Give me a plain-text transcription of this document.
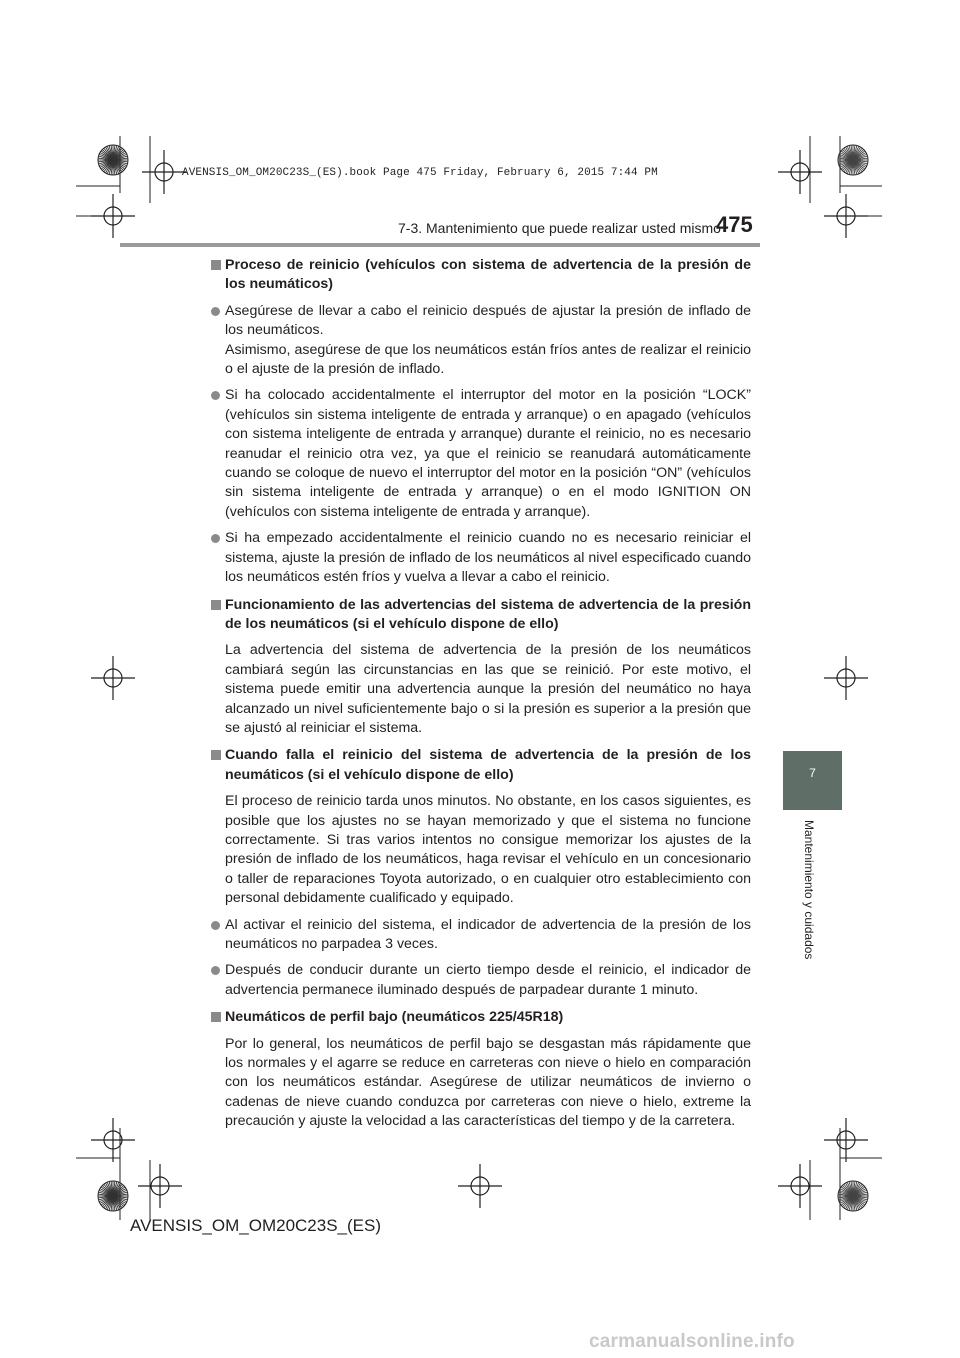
AVENSIS_OM_OM20C23S_(ES).book Page 475 Friday, February 6, 2015 7:44 PM
7-3. Mantenimiento que puede realizar usted mismo
475
7
Mantenimiento y cuidados
Proceso de reinicio (vehículos con sistema de advertencia de la presión de los neumáticos)
Asegúrese de llevar a cabo el reinicio después de ajustar la presión de inflado de los neumáticos.
Asimismo, asegúrese de que los neumáticos están fríos antes de realizar el reinicio o el ajuste de la presión de inflado.
Si ha colocado accidentalmente el interruptor del motor en la posición “LOCK” (vehículos sin sistema inteligente de entrada y arranque) o en apagado (vehículos con sistema inteligente de entrada y arranque) durante el reinicio, no es necesario reanudar el reinicio otra vez, ya que el reinicio se reanudará automáticamente cuando se coloque de nuevo el interruptor del motor en la posición “ON” (vehículos sin sistema inteligente de entrada y arranque) o en el modo IGNITION ON (vehículos con sistema inteligente de entrada y arranque).
Si ha empezado accidentalmente el reinicio cuando no es necesario reiniciar el sistema, ajuste la presión de inflado de los neumáticos al nivel especificado cuando los neumáticos estén fríos y vuelva a llevar a cabo el reinicio.
Funcionamiento de las advertencias del sistema de advertencia de la presión de los neumáticos (si el vehículo dispone de ello)
La advertencia del sistema de advertencia de la presión de los neumáticos cambiará según las circunstancias en las que se reinició. Por este motivo, el sistema puede emitir una advertencia aunque la presión del neumático no haya alcanzado un nivel suficientemente bajo o si la presión es superior a la presión que se ajustó al reiniciar el sistema.
Cuando falla el reinicio del sistema de advertencia de la presión de los neumáticos (si el vehículo dispone de ello)
El proceso de reinicio tarda unos minutos. No obstante, en los casos siguientes, es posible que los ajustes no se hayan memorizado y que el sistema no funcione correctamente. Si tras varios intentos no consigue memorizar los ajustes de la presión de inflado de los neumáticos, haga revisar el vehículo en un concesionario o taller de reparaciones Toyota autorizado, o en cualquier otro establecimiento con personal debidamente cualificado y equipado.
Al activar el reinicio del sistema, el indicador de advertencia de la presión de los neumáticos no parpadea 3 veces.
Después de conducir durante un cierto tiempo desde el reinicio, el indicador de advertencia permanece iluminado después de parpadear durante 1 minuto.
Neumáticos de perfil bajo (neumáticos 225/45R18)
Por lo general, los neumáticos de perfil bajo se desgastan más rápidamente que los normales y el agarre se reduce en carreteras con nieve o hielo en comparación con los neumáticos estándar. Asegúrese de utilizar neumáticos de invierno o cadenas de nieve cuando conduzca por carreteras con nieve o hielo, extreme la precaución y ajuste la velocidad a las características del tiempo y de la carretera.
AVENSIS_OM_OM20C23S_(ES)
carmanualsonline.info
